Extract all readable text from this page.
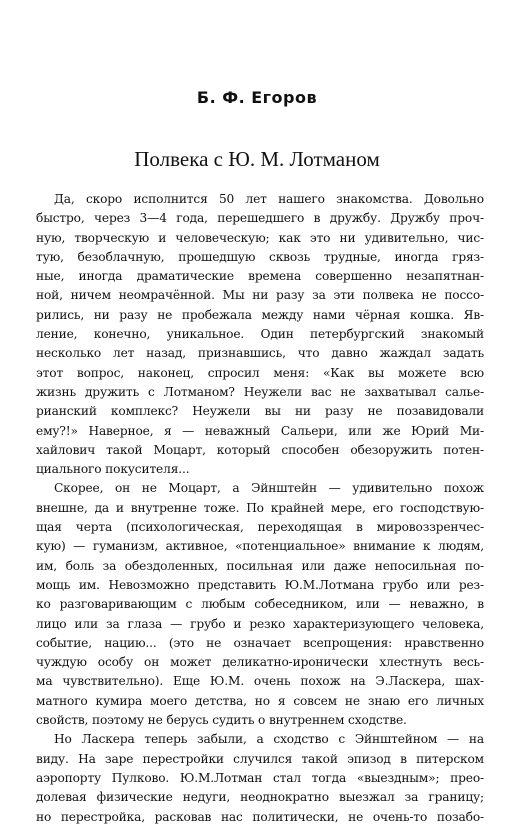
Б. Ф. Егоров
Полвека с Ю. М. Лотманом
Да, скоро исполнится 50 лет нашего знакомства. Довольно
быстро, через 3—4 года, перешедшего в дружбу. Дружбу проч-
ную, творческую и человеческую; как это ни удивительно, чис-
тую, безоблачную, прошедшую сквозь трудные, иногда гряз-
ные, иногда драматические времена совершенно незапятнан-
ной, ничем неомрачённой. Мы ни разу за эти полвека не поссо-
рились, ни разу не пробежала между нами чёрная кошка. Яв-
ление, конечно, уникальное. Один петербургский знакомый
несколько лет назад, признавшись, что давно жаждал задать
этот вопрос, наконец, спросил меня: «Как вы можете всю
жизнь дружить с Лотманом? Неужели вас не захватывал салье-
рианский комплекс? Неужели вы ни разу не позавидовали
ему?!» Наверное, я — неважный Сальери, или же Юрий Ми-
хайлович такой Моцарт, который способен обезоружить потен-
циального покусителя...
Скорее, он не Моцарт, а Эйнштейн — удивительно похож
внешне, да и внутренне тоже. По крайней мере, его господствую-
щая черта (психологическая, переходящая в мировоззренчес-
кую) — гуманизм, активное, «потенциальное» внимание к людям,
им, боль за обездоленных, посильная или даже непосильная по-
мощь им. Невозможно представить Ю.М.Лотмана грубо или рез-
ко разговаривающим с любым собеседником, или — неважно, в
лицо или за глаза — грубо и резко характеризующего человека,
событие, нацию... (это не означает всепрощения: нравственно
чуждую особу он может деликатно-иронически хлестнуть весь-
ма чувствительно). Еще Ю.М. очень похож на Э.Ласкера, шах-
матного кумира моего детства, но я совсем не знаю его личных
свойств, поэтому не берусь судить о внутреннем сходстве.
Но Ласкера теперь забыли, а сходство с Эйнштейном — на
виду. На заре перестройки случился такой эпизод в питерском
аэропорту Пулково. Ю.М.Лотман стал тогда «выездным»; прео-
долевая физические недуги, неоднократно выезжал за границу;
но перестройка, расковав нас политически, не очень-то позабо-
